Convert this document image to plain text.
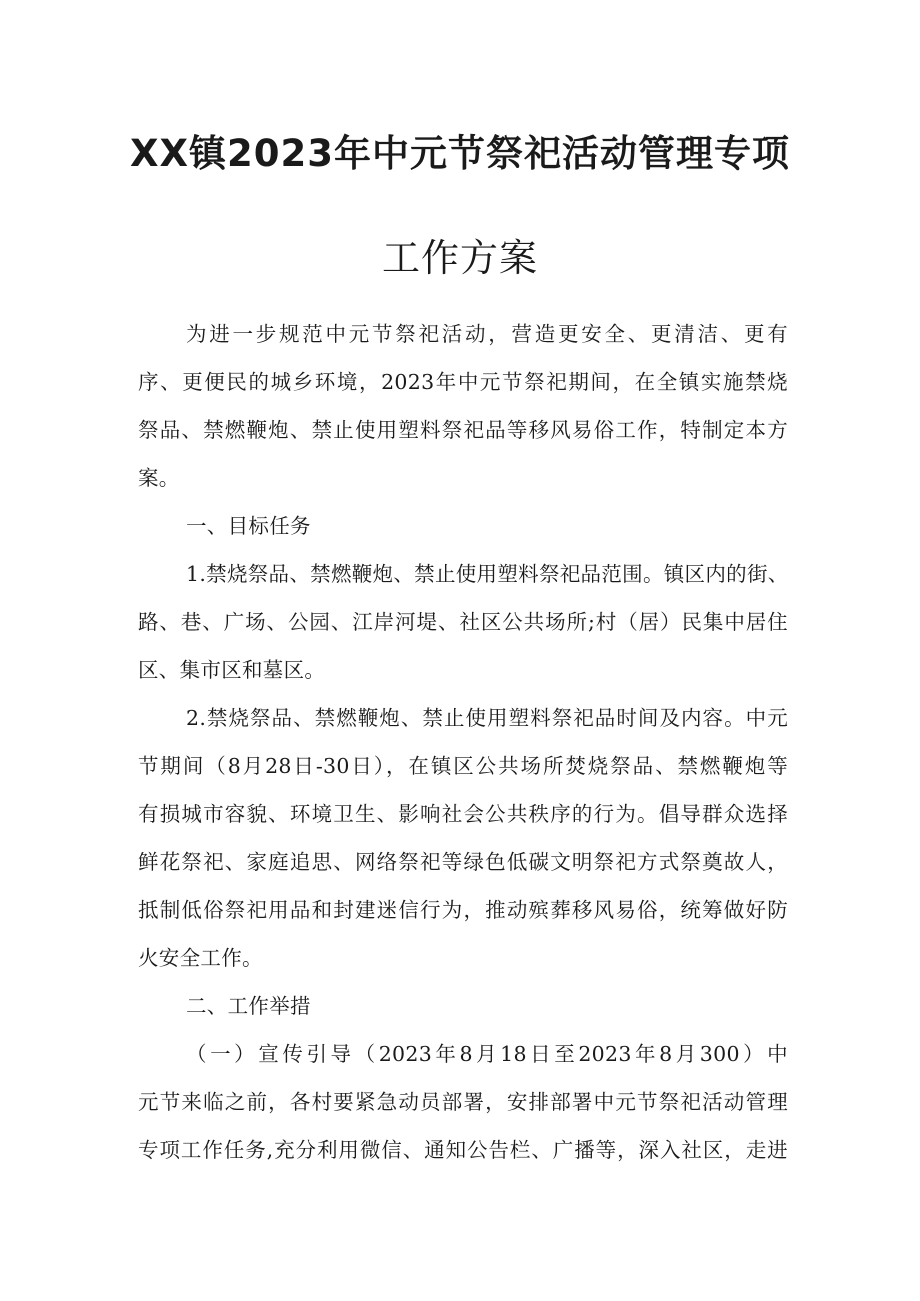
XX镇2023年中元节祭祀活动管理专项
工作方案
为进一步规范中元节祭祀活动，营造更安全、更清洁、更有
序、更便民的城乡环境，2023年中元节祭祀期间，在全镇实施禁烧
祭品、禁燃鞭炮、禁止使用塑料祭祀品等移风易俗工作，特制定本方
案。
一、目标任务
1.禁烧祭品、禁燃鞭炮、禁止使用塑料祭祀品范围。镇区内的街、
路、巷、广场、公园、江岸河堤、社区公共场所;村（居）民集中居住
区、集市区和墓区。
2.禁烧祭品、禁燃鞭炮、禁止使用塑料祭祀品时间及内容。中元
节期间（8月28日-30日），在镇区公共场所焚烧祭品、禁燃鞭炮等
有损城市容貌、环境卫生、影响社会公共秩序的行为。倡导群众选择
鲜花祭祀、家庭追思、网络祭祀等绿色低碳文明祭祀方式祭奠故人，
抵制低俗祭祀用品和封建迷信行为，推动殡葬移风易俗，统筹做好防
火安全工作。
二、工作举措
（一）宣传引导（2023年8月18日至2023年8月300）中
元节来临之前，各村要紧急动员部署，安排部署中元节祭祀活动管理
专项工作任务,充分利用微信、通知公告栏、广播等，深入社区，走进
